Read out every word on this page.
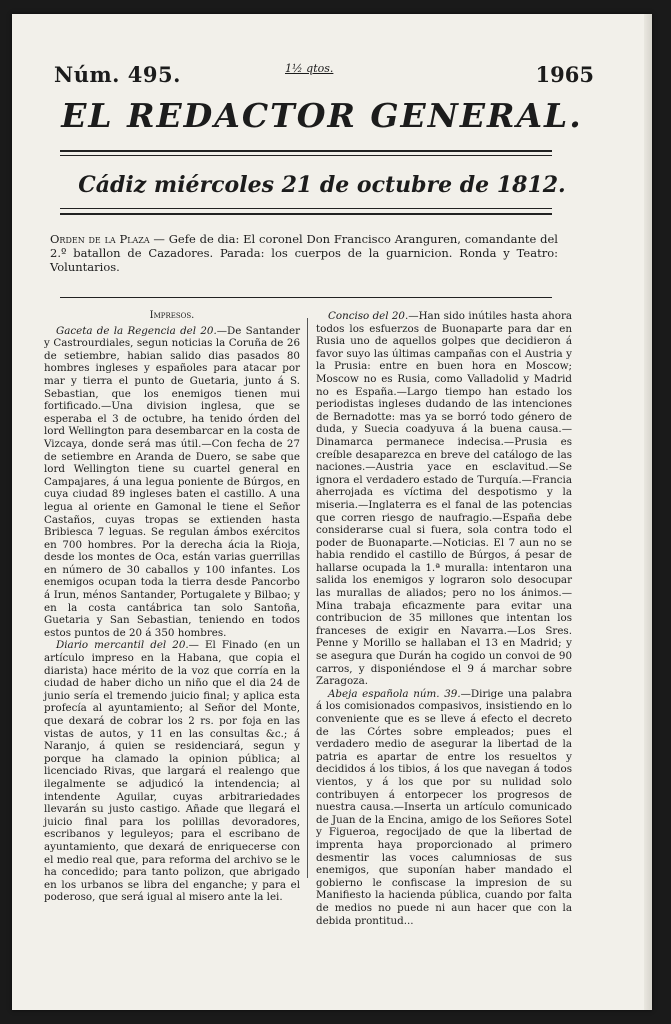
Núm. 495.	1½ qtos.	1965
EL REDACTOR GENERAL.
Cádiz miércoles 21 de octubre de 1812.
Orden de la Plaza — Gefe de dia: El coronel Don Francisco Aranguren, comandante del 2.º batallon de Cazadores. Parada: los cuerpos de la guarnicion. Ronda y Teatro: Voluntarios.

Impresos.

Gaceta de la Regencia del 20.—De Santander y Castrourdiales, segun noticias la Coruña de 26 de setiembre, habian salido dias pasados 80 hombres ingleses y españoles para atacar por mar y tierra el punto de Guetaria, junto á S. Sebastian, que los enemigos tienen mui fortificado.—Una division inglesa, que se esperaba el 3 de octubre, ha tenido órden del lord Wellington para desembarcar en la costa de Vizcaya, donde será mas útil.—Con fecha de 27 de setiembre en Aranda de Duero, se sabe que lord Wellington tiene su cuartel general en Campajares, á una legua poniente de Búrgos, en cuya ciudad 89 ingleses baten el castillo. A una legua al oriente en Gamonal le tiene el Señor Castaños, cuyas tropas se extienden hasta Bribiesca 7 leguas. Se regulan ámbos exércitos en 700 hombres. Por la derecha ácia la Rioja, desde los montes de Oca, están varias guerrillas en número de 30 caballos y 100 infantes. Los enemigos ocupan toda la tierra desde Pancorbo á Irun, ménos Santander, Portugalete y Bilbao; y en la costa cantábrica tan solo Santoña, Guetaria y San Sebastian, teniendo en todos estos puntos de 20 á 350 hombres.

Diario mercantil del 20.— El Finado (en un artículo impreso en la Habana, que copia el diarista) hace mérito de la voz que corría en la ciudad de haber dicho un niño que el dia 24 de junio sería el tremendo juicio final; y aplica esta profecía al ayuntamiento; al Señor del Monte, que dexará de cobrar los 2 rs. por foja en las vistas de autos, y 11 en las consultas &c.; á Naranjo, á quien se residenciará, segun y porque ha clamado la opinion pública; al licenciado Rivas, que largará el realengo que ilegalmente se adjudicó la intendencia; al intendente Aguilar, cuyas arbitrariedades llevarán su justo castigo. Añade que llegará el juicio final para los polillas devoradores, escribanos y leguleyos; para el escribano de ayuntamiento, que dexará de enriquecerse con el medio real que, para reforma del archivo se le ha concedido; para tanto polizon, que abrigado en los urbanos se libra del enganche; y para el poderoso, que será igual al misero ante la lei.

Conciso del 20.—Han sido inútiles hasta ahora todos los esfuerzos de Buonaparte para dar en Rusia uno de aquellos golpes que decidieron á favor suyo las últimas campañas con el Austria y la Prusia: entre en buen hora en Moscow; Moscow no es Rusia, como Valladolid y Madrid no es España.—Largo tiempo han estado los periodistas ingleses dudando de las intenciones de Bernadotte: mas ya se borró todo género de duda, y Suecia coadyuva á la buena causa.—Dinamarca permanece indecisa.—Prusia es creíble desaparezca en breve del catálogo de las naciones.—Austria yace en esclavitud.—Se ignora el verdadero estado de Turquía.—Francia aherrojada es víctima del despotismo y la miseria.—Inglaterra es el fanal de las potencias que corren riesgo de naufragio.—España debe considerarse cual si fuera, sola contra todo el poder de Buonaparte.—Noticias. El 7 aun no se habia rendido el castillo de Búrgos, á pesar de hallarse ocupada la 1.ª muralla: intentaron una salida los enemigos y lograron solo desocupar las murallas de aliados; pero no los ánimos.—Mina trabaja eficazmente para evitar una contribucion de 35 millones que intentan los franceses de exigir en Navarra.—Los Sres. Penne y Morillo se hallaban el 13 en Madrid; y se asegura que Durán ha cogido un convoi de 90 carros, y disponiéndose el 9 á marchar sobre Zaragoza.

Abeja española núm. 39.—Dirige una palabra á los comisionados compasivos, insistiendo en lo conveniente que es se lleve á efecto el decreto de las Córtes sobre empleados; pues el verdadero medio de asegurar la libertad de la patria es apartar de entre los resueltos y decididos á los tibios, á los que navegan á todos vientos, y á los que por su nulidad solo contribuyen á entorpecer los progresos de nuestra causa.—Inserta un artículo comunicado de Juan de la Encina, amigo de los Señores Sotel y Figueroa, regocijado de que la libertad de imprenta haya proporcionado al primero desmentir las voces calumniosas de sus enemigos, que suponían haber mandado el gobierno le confiscase la impresion de su Manifiesto la hacienda pública, cuando por falta de medios no puede ni aun hacer que con la debida prontitud...
